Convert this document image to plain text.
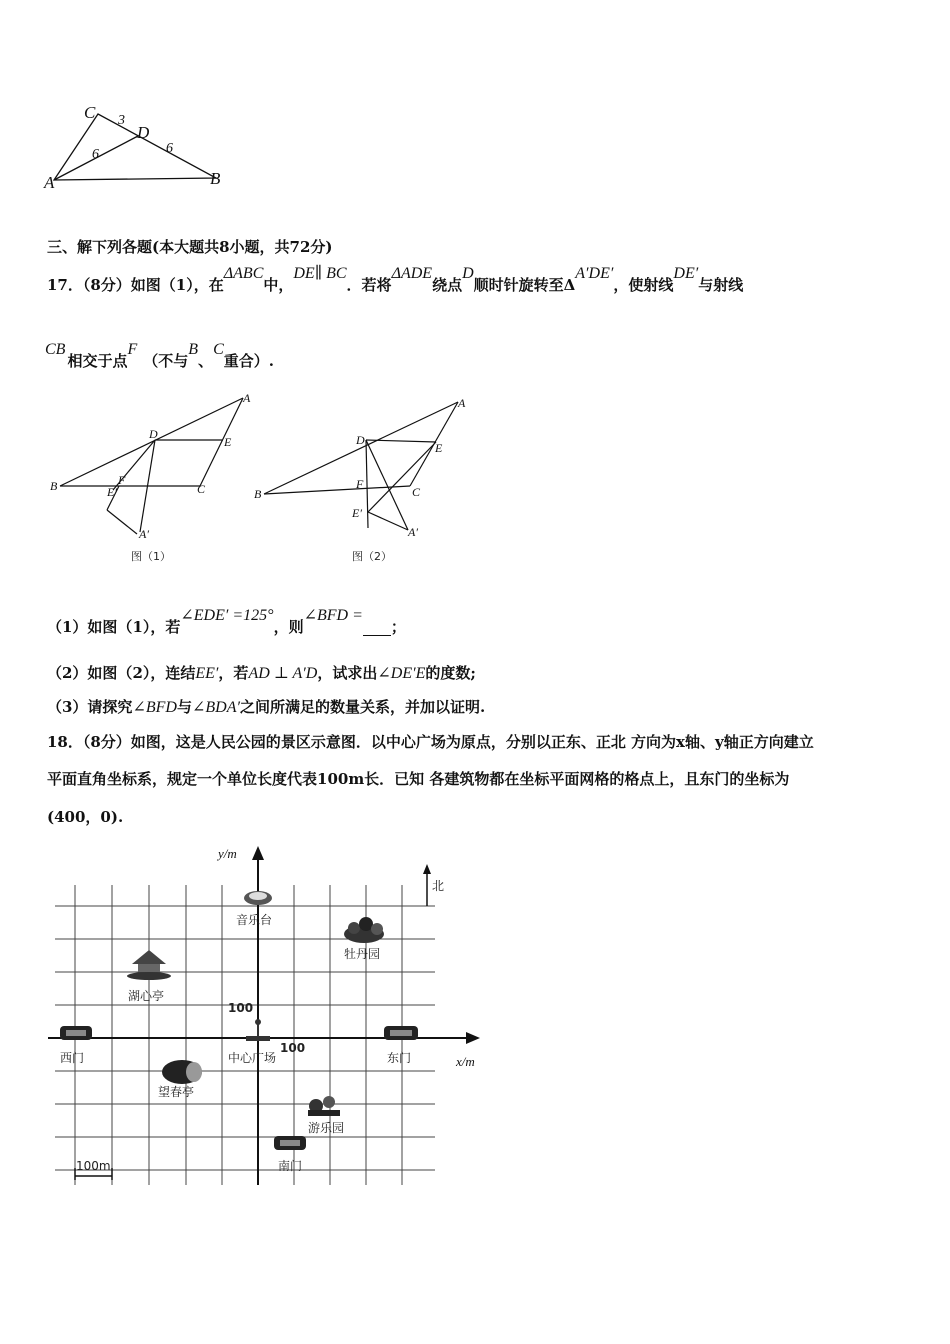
C
D
A	B
3
6	6
三、解下列各题(本大题共8小题，共72分)
17．（8分）如图（1），在ΔABC中，DE∥ BC．若将ΔADE绕点D顺时针旋转至ΔA′DE′，使射线DE′与射线
CB相交于点F（不与B、C重合）.
A
D
E
B	F
C
E′
A′
图（1）
A
D
E
B
F
C
E′
A′
图（2）
（1）如图（1），若∠EDE′ =125°，则∠BFD =；
（2）如图（2），连结EE′，若AD ⊥ A′D，试求出∠DE′E的度数;
（3）请探究∠BFD与∠BDA′之间所满足的数量关系，并加以证明.
18．（8分）如图，这是人民公园的景区示意图．以中心广场为原点，分别以正东、正北 方向为x轴、y轴正方向建立
平面直角坐标系，规定一个单位长度代表100m长．已知 各建筑物都在坐标平面网格的格点上，且东门的坐标为
(400，0).
北
y/m
x/m
100
100
100m
音乐台
牡丹园
湖心亭
西门	中心广场	东门
望春亭
游乐园
南门
